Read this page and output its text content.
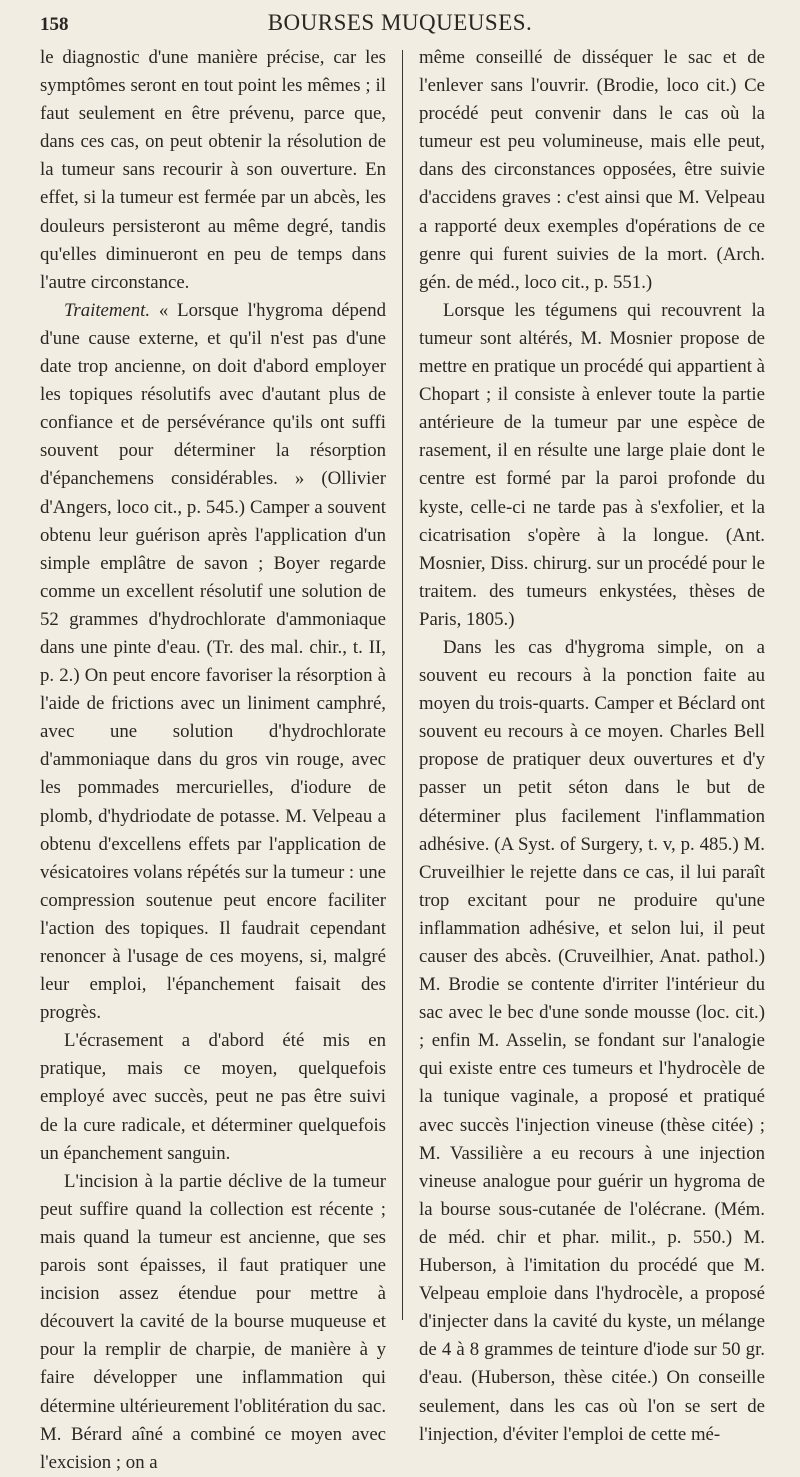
158	BOURSES MUQUEUSES.

le diagnostic d'une manière précise, car les symptômes seront en tout point les mêmes ; il faut seulement en être prévenu, parce que, dans ces cas, on peut obtenir la résolution de la tumeur sans recourir à son ouverture. En effet, si la tumeur est fermée par un abcès, les douleurs persisteront au même degré, tandis qu'elles diminueront en peu de temps dans l'autre circonstance.

Traitement. « Lorsque l'hygroma dépend d'une cause externe, et qu'il n'est pas d'une date trop ancienne, on doit d'abord employer les topiques résolutifs avec d'autant plus de confiance et de persévérance qu'ils ont suffi souvent pour déterminer la résorption d'épanchemens considérables. » (Ollivier d'Angers, loco cit., p. 545.) Camper a souvent obtenu leur guérison après l'application d'un simple emplâtre de savon ; Boyer regarde comme un excellent résolutif une solution de 52 grammes d'hydrochlorate d'ammoniaque dans une pinte d'eau. (Tr. des mal. chir., t. II, p. 2.) On peut encore favoriser la résorption à l'aide de frictions avec un liniment camphré, avec une solution d'hydrochlorate d'ammoniaque dans du gros vin rouge, avec les pommades mercurielles, d'iodure de plomb, d'hydriodate de potasse. M. Velpeau a obtenu d'excellens effets par l'application de vésicatoires volans répétés sur la tumeur : une compression soutenue peut encore faciliter l'action des topiques. Il faudrait cependant renoncer à l'usage de ces moyens, si, malgré leur emploi, l'épanchement faisait des progrès.

L'écrasement a d'abord été mis en pratique, mais ce moyen, quelquefois employé avec succès, peut ne pas être suivi de la cure radicale, et déterminer quelquefois un épanchement sanguin.

L'incision à la partie déclive de la tumeur peut suffire quand la collection est récente ; mais quand la tumeur est ancienne, que ses parois sont épaisses, il faut pratiquer une incision assez étendue pour mettre à découvert la cavité de la bourse muqueuse et pour la remplir de charpie, de manière à y faire développer une inflammation qui détermine ultérieurement l'oblitération du sac. M. Bérard aîné a combiné ce moyen avec l'excision ; on a

même conseillé de disséquer le sac et de l'enlever sans l'ouvrir. (Brodie, loco cit.) Ce procédé peut convenir dans le cas où la tumeur est peu volumineuse, mais elle peut, dans des circonstances opposées, être suivie d'accidens graves : c'est ainsi que M. Velpeau a rapporté deux exemples d'opérations de ce genre qui furent suivies de la mort. (Arch. gén. de méd., loco cit., p. 551.)

Lorsque les tégumens qui recouvrent la tumeur sont altérés, M. Mosnier propose de mettre en pratique un procédé qui appartient à Chopart ; il consiste à enlever toute la partie antérieure de la tumeur par une espèce de rasement, il en résulte une large plaie dont le centre est formé par la paroi profonde du kyste, celle-ci ne tarde pas à s'exfolier, et la cicatrisation s'opère à la longue. (Ant. Mosnier, Diss. chirurg. sur un procédé pour le traitem. des tumeurs enkystées, thèses de Paris, 1805.)

Dans les cas d'hygroma simple, on a souvent eu recours à la ponction faite au moyen du trois-quarts. Camper et Béclard ont souvent eu recours à ce moyen. Charles Bell propose de pratiquer deux ouvertures et d'y passer un petit séton dans le but de déterminer plus facilement l'inflammation adhésive. (A Syst. of Surgery, t. v, p. 485.) M. Cruveilhier le rejette dans ce cas, il lui paraît trop excitant pour ne produire qu'une inflammation adhésive, et selon lui, il peut causer des abcès. (Cruveilhier, Anat. pathol.) M. Brodie se contente d'irriter l'intérieur du sac avec le bec d'une sonde mousse (loc. cit.) ; enfin M. Asselin, se fondant sur l'analogie qui existe entre ces tumeurs et l'hydrocèle de la tunique vaginale, a proposé et pratiqué avec succès l'injection vineuse (thèse citée) ; M. Vassilière a eu recours à une injection vineuse analogue pour guérir un hygroma de la bourse sous-cutanée de l'olécrane. (Mém. de méd. chir et phar. milit., p. 550.) M. Huberson, à l'imitation du procédé que M. Velpeau emploie dans l'hydrocèle, a proposé d'injecter dans la cavité du kyste, un mélange de 4 à 8 grammes de teinture d'iode sur 50 gr. d'eau. (Huberson, thèse citée.) On conseille seulement, dans les cas où l'on se sert de l'injection, d'éviter l'emploi de cette mé-
